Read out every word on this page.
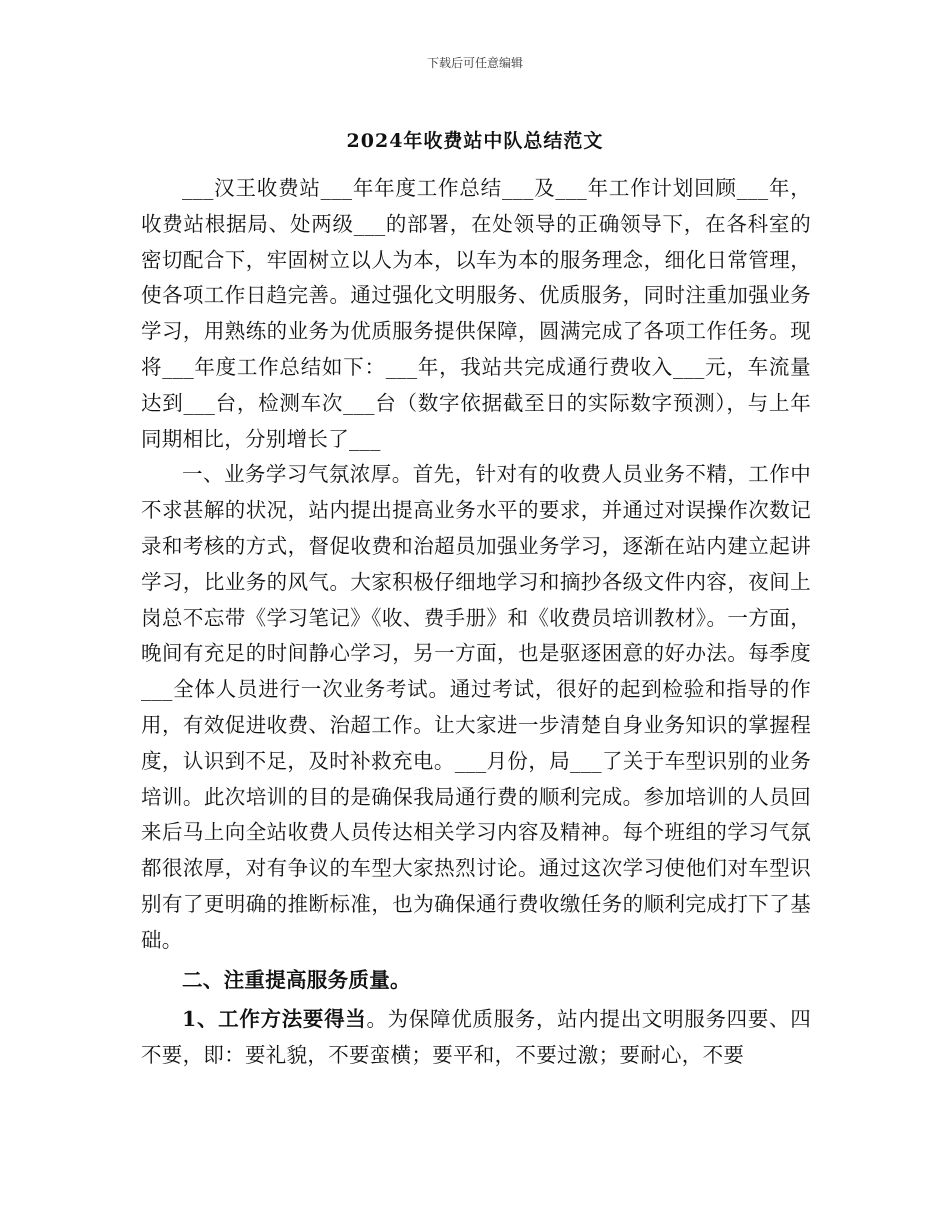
下载后可任意编辑
2024年收费站中队总结范文

___汉王收费站___年年度工作总结___及___年工作计划回顾___年，收费站根据局、处两级___的部署，在处领导的正确领导下，在各科室的密切配合下，牢固树立以人为本，以车为本的服务理念，细化日常管理，使各项工作日趋完善。通过强化文明服务、优质服务，同时注重加强业务学习，用熟练的业务为优质服务提供保障，圆满完成了各项工作任务。现将___年度工作总结如下：___年，我站共完成通行费收入___元，车流量达到___台，检测车次___台（数字依据截至日的实际数字预测），与上年同期相比，分别增长了___

一、业务学习气氛浓厚。首先，针对有的收费人员业务不精，工作中不求甚解的状况，站内提出提高业务水平的要求，并通过对误操作次数记录和考核的方式，督促收费和治超员加强业务学习，逐渐在站内建立起讲学习，比业务的风气。大家积极仔细地学习和摘抄各级文件内容，夜间上岗总不忘带《学习笔记》《收、费手册》和《收费员培训教材》。一方面，晚间有充足的时间静心学习，另一方面，也是驱逐困意的好办法。每季度___全体人员进行一次业务考试。通过考试，很好的起到检验和指导的作用，有效促进收费、治超工作。让大家进一步清楚自身业务知识的掌握程度，认识到不足，及时补救充电。___月份，局___了关于车型识别的业务培训。此次培训的目的是确保我局通行费的顺利完成。参加培训的人员回来后马上向全站收费人员传达相关学习内容及精神。每个班组的学习气氛都很浓厚，对有争议的车型大家热烈讨论。通过这次学习使他们对车型识别有了更明确的推断标准，也为确保通行费收缴任务的顺利完成打下了基础。

二、注重提高服务质量。

1、工作方法要得当。为保障优质服务，站内提出文明服务四要、四不要，即：要礼貌，不要蛮横；要平和，不要过激；要耐心，不要
